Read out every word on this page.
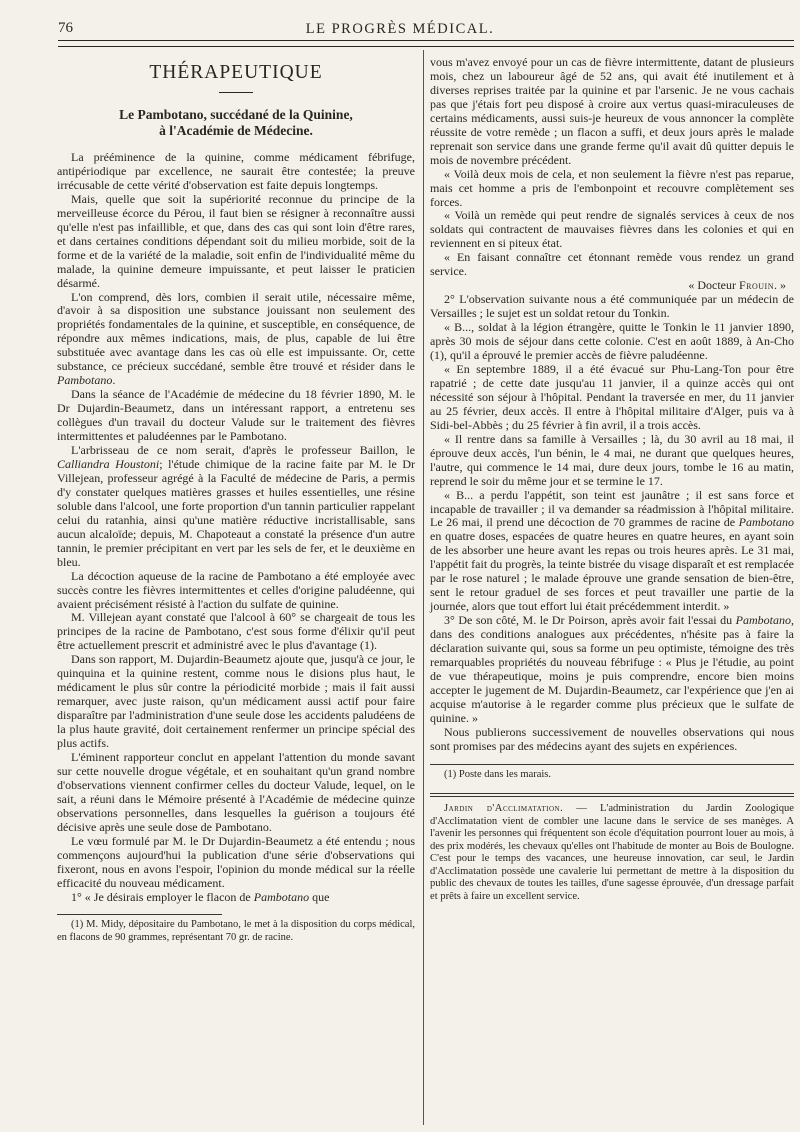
76	LE PROGRÈS MÉDICAL.
THÉRAPEUTIQUE
Le Pambotano, succédané de la Quinine,
à l'Académie de Médecine.

La prééminence de la quinine, comme médicament fébrifuge, antipériodique par excellence, ne saurait être contestée; la preuve irrécusable de cette vérité d'observation est faite depuis longtemps.

Mais, quelle que soit la supériorité reconnue du principe de la merveilleuse écorce du Pérou, il faut bien se résigner à reconnaître aussi qu'elle n'est pas infaillible, et que, dans des cas qui sont loin d'être rares, et dans certaines conditions dépendant soit du milieu morbide, soit de la forme et de la variété de la maladie, soit enfin de l'individualité même du malade, la quinine demeure impuissante, et peut laisser le praticien désarmé.

L'on comprend, dès lors, combien il serait utile, nécessaire même, d'avoir à sa disposition une substance jouissant non seulement des propriétés fondamentales de la quinine, et susceptible, en conséquence, de répondre aux mêmes indications, mais, de plus, capable de lui être substituée avec avantage dans les cas où elle est impuissante. Or, cette substance, ce précieux succédané, semble être trouvé et résider dans le Pambotano.

Dans la séance de l'Académie de médecine du 18 février 1890, M. le Dr Dujardin-Beaumetz, dans un intéressant rapport, a entretenu ses collègues d'un travail du docteur Valude sur le traitement des fièvres intermittentes et paludéennes par le Pambotano.

L'arbrisseau de ce nom serait, d'après le professeur Baillon, le Calliandra Houstoni; l'étude chimique de la racine faite par M. le Dr Villejean, professeur agrégé à la Faculté de médecine de Paris, a permis d'y constater quelques matières grasses et huiles essentielles, une résine soluble dans l'alcool, une forte proportion d'un tannin particulier rappelant celui du ratanhia, ainsi qu'une matière réductive incristallisable, sans aucun alcaloïde; depuis, M. Chapoteaut a constaté la présence d'un autre tannin, le premier précipitant en vert par les sels de fer, et le deuxième en bleu.

La décoction aqueuse de la racine de Pambotano a été employée avec succès contre les fièvres intermittentes et celles d'origine paludéenne, qui avaient précisément résisté à l'action du sulfate de quinine.

M. Villejean ayant constaté que l'alcool à 60° se chargeait de tous les principes de la racine de Pambotano, c'est sous forme d'élixir qu'il peut être actuellement prescrit et administré avec le plus d'avantage (1).

Dans son rapport, M. Dujardin-Beaumetz ajoute que, jusqu'à ce jour, le quinquina et la quinine restent, comme nous le disions plus haut, le médicament le plus sûr contre la périodicité morbide ; mais il fait aussi remarquer, avec juste raison, qu'un médicament aussi actif pour faire disparaître par l'administration d'une seule dose les accidents paludéens de la plus haute gravité, doit certainement renfermer un principe spécial des plus actifs.

L'éminent rapporteur conclut en appelant l'attention du monde savant sur cette nouvelle drogue végétale, et en souhaitant qu'un grand nombre d'observations viennent confirmer celles du docteur Valude, lequel, on le sait, a réuni dans le Mémoire présenté à l'Académie de médecine quinze observations personnelles, dans lesquelles la guérison a toujours été décisive après une seule dose de Pambotano.

Le vœu formulé par M. le Dr Dujardin-Beaumetz a été entendu ; nous commençons aujourd'hui la publication d'une série d'observations qui fixeront, nous en avons l'espoir, l'opinion du monde médical sur la réelle efficacité du nouveau médicament.

1° « Je désirais employer le flacon de Pambotano que

(1) M. Midy, dépositaire du Pambotano, le met à la disposition du corps médical, en flacons de 90 grammes, représentant 70 gr. de racine.

vous m'avez envoyé pour un cas de fièvre intermittente, datant de plusieurs mois, chez un laboureur âgé de 52 ans, qui avait été inutilement et à diverses reprises traitée par la quinine et par l'arsenic. Je ne vous cachais pas que j'étais fort peu disposé à croire aux vertus quasi-miraculeuses de certains médicaments, aussi suis-je heureux de vous annoncer la complète réussite de votre remède ; un flacon a suffi, et deux jours après le malade reprenait son service dans une grande ferme qu'il avait dû quitter depuis le mois de novembre précédent.

« Voilà deux mois de cela, et non seulement la fièvre n'est pas reparue, mais cet homme a pris de l'embonpoint et recouvre complètement ses forces.

« Voilà un remède qui peut rendre de signalés services à ceux de nos soldats qui contractent de mauvaises fièvres dans les colonies et qui en reviennent en si piteux état.

« En faisant connaître cet étonnant remède vous rendez un grand service.

« Docteur Frouin. »

2° L'observation suivante nous a été communiquée par un médecin de Versailles ; le sujet est un soldat retour du Tonkin.

« B..., soldat à la légion étrangère, quitte le Tonkin le 11 janvier 1890, après 30 mois de séjour dans cette colonie. C'est en août 1889, à An-Cho (1), qu'il a éprouvé le premier accès de fièvre paludéenne.

« En septembre 1889, il a été évacué sur Phu-Lang-Ton pour être rapatrié ; de cette date jusqu'au 11 janvier, il a quinze accès qui ont nécessité son séjour à l'hôpital. Pendant la traversée en mer, du 11 janvier au 25 février, deux accès. Il entre à l'hôpital militaire d'Alger, puis va à Sidi-bel-Abbès ; du 25 février à fin avril, il a trois accès.

« Il rentre dans sa famille à Versailles ; là, du 30 avril au 18 mai, il éprouve deux accès, l'un bénin, le 4 mai, ne durant que quelques heures, l'autre, qui commence le 14 mai, dure deux jours, tombe le 16 au matin, reprend le soir du même jour et se termine le 17.

« B... a perdu l'appétit, son teint est jaunâtre ; il est sans force et incapable de travailler ; il va demander sa réadmission à l'hôpital militaire. Le 26 mai, il prend une décoction de 70 grammes de racine de Pambotano en quatre doses, espacées de quatre heures en quatre heures, en ayant soin de les absorber une heure avant les repas ou trois heures après. Le 31 mai, l'appétit fait du progrès, la teinte bistrée du visage disparaît et est remplacée par le rose naturel ; le malade éprouve une grande sensation de bien-être, sent le retour graduel de ses forces et peut travailler une partie de la journée, alors que tout effort lui était précédemment interdit. »

3° De son côté, M. le Dr Poirson, après avoir fait l'essai du Pambotano, dans des conditions analogues aux précédentes, n'hésite pas à faire la déclaration suivante qui, sous sa forme un peu optimiste, témoigne des très remarquables propriétés du nouveau fébrifuge : « Plus je l'étudie, au point de vue thérapeutique, moins je puis comprendre, encore bien moins accepter le jugement de M. Dujardin-Beaumetz, car l'expérience que j'en ai acquise m'autorise à le regarder comme plus précieux que le sulfate de quinine. »

Nous publierons successivement de nouvelles observations qui nous sont promises par des médecins ayant des sujets en expériences.

(1) Poste dans les marais.

Jardin d'Acclimatation. — L'administration du Jardin Zoologique d'Acclimatation vient de combler une lacune dans le service de ses manèges. A l'avenir les personnes qui fréquentent son école d'équitation pourront louer au mois, à des prix modérés, les chevaux qu'elles ont l'habitude de monter au Bois de Boulogne. C'est pour le temps des vacances, une heureuse innovation, car seul, le Jardin d'Acclimatation possède une cavalerie lui permettant de mettre à la disposition du public des chevaux de toutes les tailles, d'une sagesse éprouvée, d'un dressage parfait et prêts à faire un excellent service.
